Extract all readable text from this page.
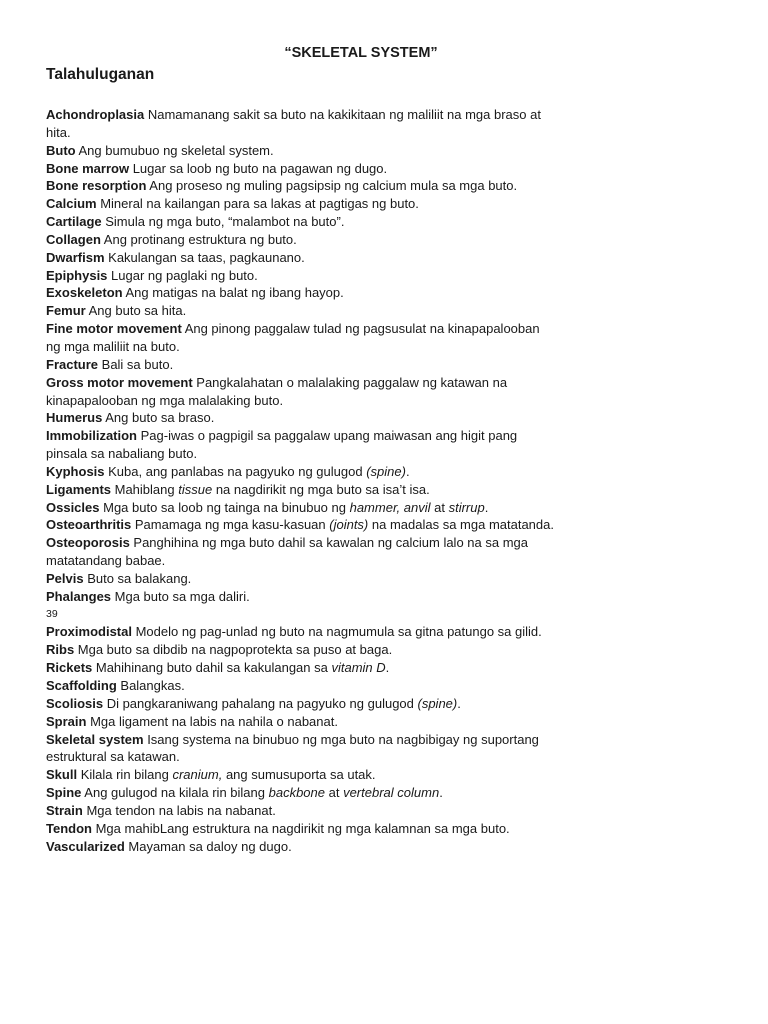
“SKELETAL SYSTEM”
Talahuluganan

Achondroplasia Namamanang sakit sa buto na kakikitaan ng maliliit na mga braso at hita.

Buto Ang bumubuo ng skeletal system.

Bone marrow Lugar sa loob ng buto na pagawan ng dugo.

Bone resorption Ang proseso ng muling pagsipsip ng calcium mula sa mga buto.

Calcium Mineral na kailangan para sa lakas at pagtigas ng buto.

Cartilage Simula ng mga buto, “malambot na buto”.

Collagen Ang protinang estruktura ng buto.

Dwarfism Kakulangan sa taas, pagkaunano.

Epiphysis Lugar ng paglaki ng buto.

Exoskeleton Ang matigas na balat ng ibang hayop.

Femur Ang buto sa hita.

Fine motor movement Ang pinong paggalaw tulad ng pagsusulat na kinapapalooban ng mga maliliit na buto.

Fracture Bali sa buto.

Gross motor movement Pangkalahatan o malalaking paggalaw ng katawan na kinapapalooban ng mga malalaking buto.

Humerus Ang buto sa braso.

Immobilization Pag-iwas o pagpigil sa paggalaw upang maiwasan ang higit pang pinsala sa nabaliang buto.

Kyphosis Kuba, ang panlabas na pagyuko ng gulugod (spine).

Ligaments Mahiblang tissue na nagdirikit ng mga buto sa isa’t isa.

Ossicles Mga buto sa loob ng tainga na binubuo ng hammer, anvil at stirrup.

Osteoarthritis Pamamaga ng mga kasu-kasuan (joints) na madalas sa mga matatanda.

Osteoporosis Panghihina ng mga buto dahil sa kawalan ng calcium lalo na sa mga matatandang babae.

Pelvis Buto sa balakang.

Phalanges Mga buto sa mga daliri.

39

Proximodistal Modelo ng pag-unlad ng buto na nagmumula sa gitna patungo sa gilid.

Ribs Mga buto sa dibdib na nagpoprotekta sa puso at baga.

Rickets Mahihinang buto dahil sa kakulangan sa vitamin D.

Scaffolding Balangkas.

Scoliosis Di pangkaraniwang pahalang na pagyuko ng gulugod (spine).

Sprain Mga ligament na labis na nahila o nabanat.

Skeletal system Isang systema na binubuo ng mga buto na nagbibigay ng suportang estruktural sa katawan.

Skull Kilala rin bilang cranium, ang sumusuporta sa utak.

Spine Ang gulugod na kilala rin bilang backbone at vertebral column.

Strain Mga tendon na labis na nabanat.

Tendon Mga mahibLang estruktura na nagdirikit ng mga kalamnan sa mga buto.

Vascularized Mayaman sa daloy ng dugo.
